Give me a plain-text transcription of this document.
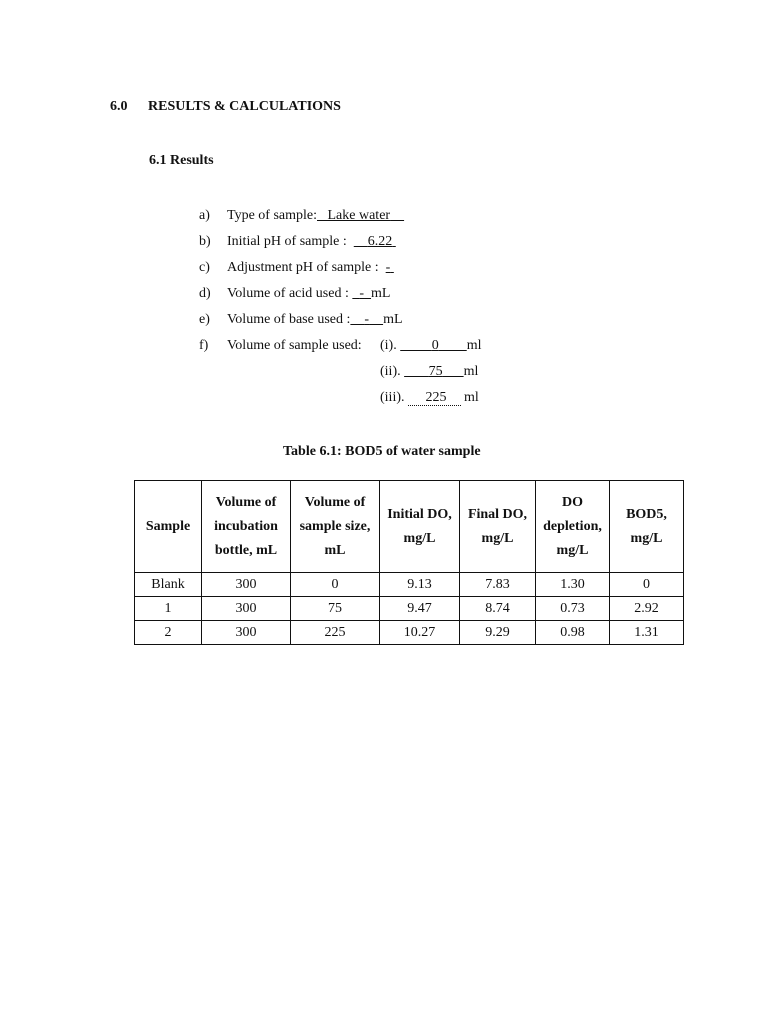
6.0 RESULTS & CALCULATIONS
6.1 Results
a)	Type of sample: Lake water
b)	Initial pH of sample : 6.22
c)	Adjustment pH of sample : -
d)	Volume of acid used : - mL
e)	Volume of base used : - mL
f)	Volume of sample used: (i).	0 ml
(ii). 75 ml
(iii). 225 ml
Table 6.1: BOD5 of water sample
Sample	Volume of incubation bottle, mL	Volume of sample size, mL	Initial DO, mg/L	Final DO, mg/L	DO depletion, mg/L	BOD5, mg/L
Blank	300	0	9.13	7.83	1.30	0
1	300	75	9.47	8.74	0.73	2.92
2	300	225	10.27	9.29	0.98	1.31
